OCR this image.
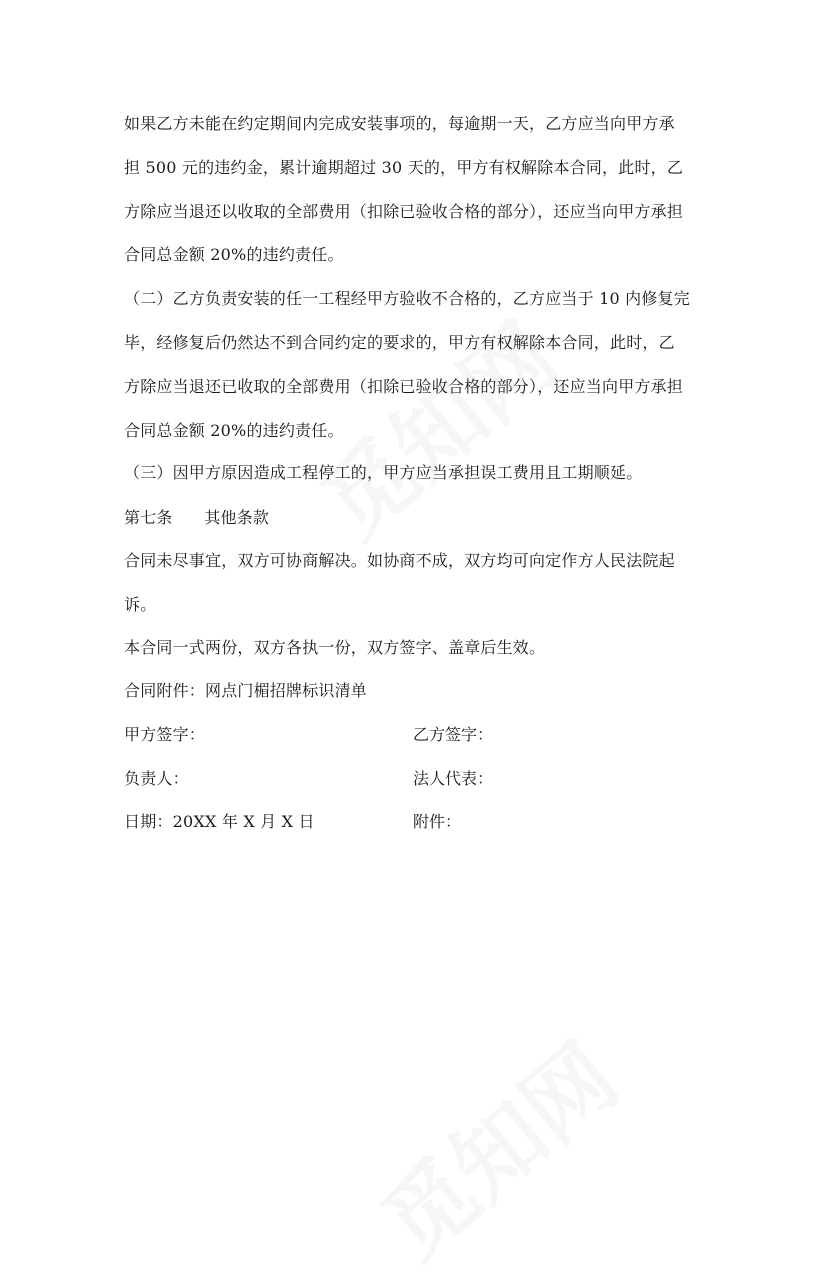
如果乙方未能在约定期间内完成安装事项的，每逾期一天，乙方应当向甲方承
担 500 元的违约金，累计逾期超过 30 天的，甲方有权解除本合同，此时，乙
方除应当退还以收取的全部费用（扣除已验收合格的部分），还应当向甲方承担
合同总金额 20%的违约责任。
（二）乙方负责安装的任一工程经甲方验收不合格的，乙方应当于 10 内修复完
毕，经修复后仍然达不到合同约定的要求的，甲方有权解除本合同，此时，乙
方除应当退还已收取的全部费用（扣除已验收合格的部分），还应当向甲方承担
合同总金额 20%的违约责任。
（三）因甲方原因造成工程停工的，甲方应当承担误工费用且工期顺延。
第七条      其他条款
合同未尽事宜，双方可协商解决。如协商不成，双方均可向定作方人民法院起
诉。
本合同一式两份，双方各执一份，双方签字、盖章后生效。
合同附件：网点门楣招牌标识清单
甲方签字：	乙方签字：
负责人：	法人代表：
日期：20XX 年 X 月 X 日	附件：
